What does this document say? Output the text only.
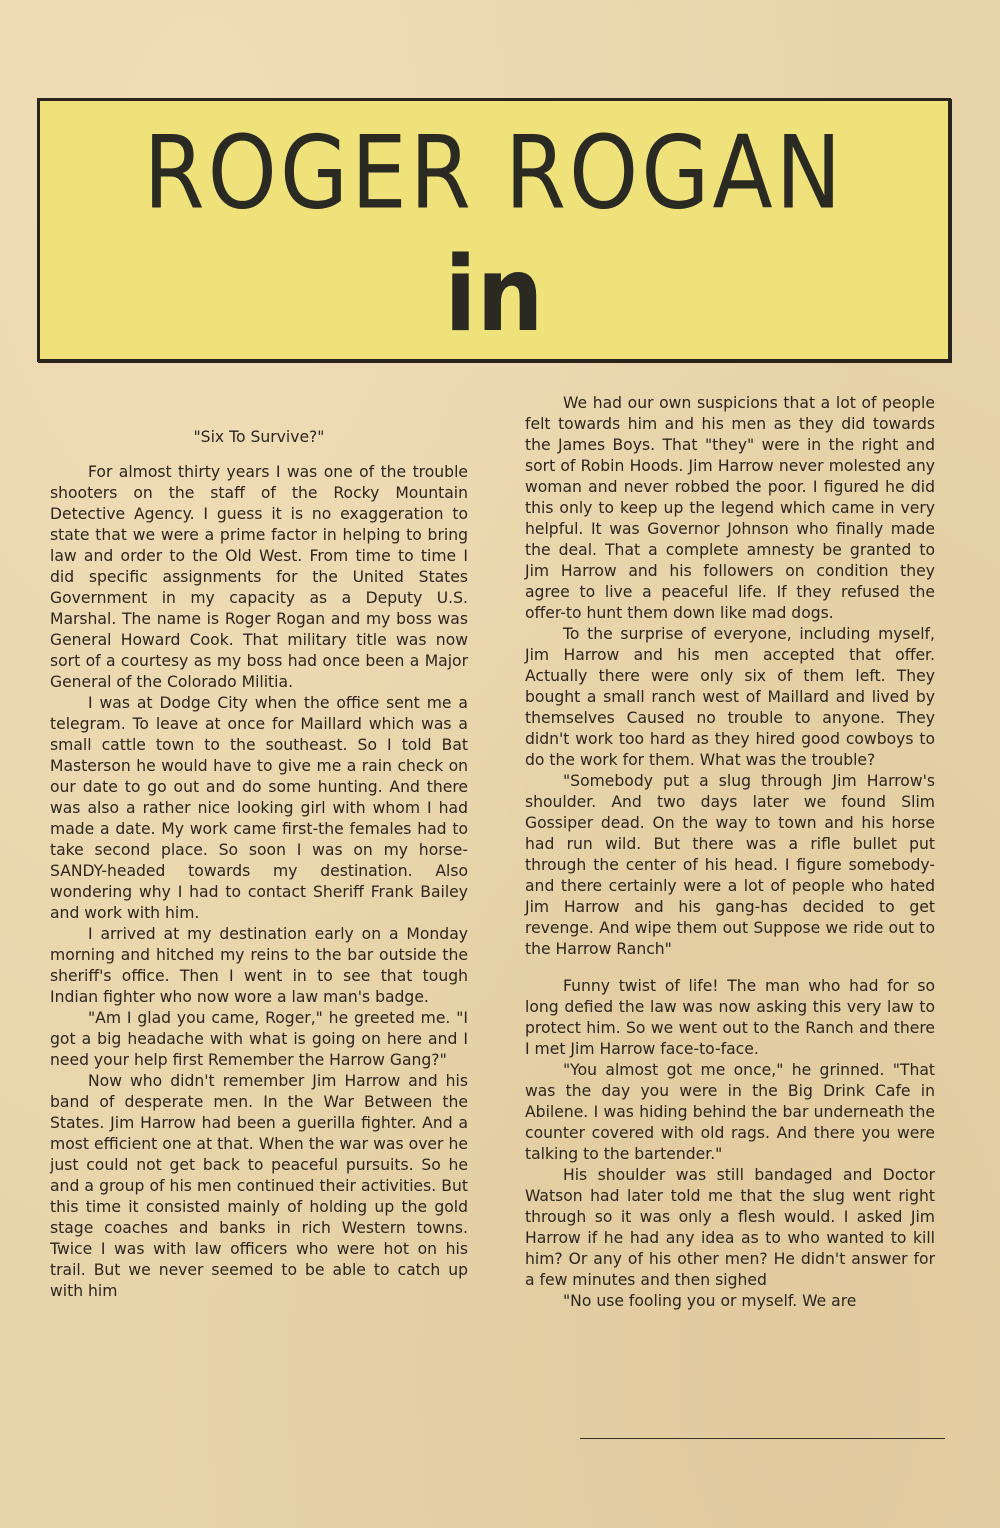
ROGER ROGAN
in
"Six To Survive?"

For almost thirty years I was one of the trouble shooters on the staff of the Rocky Mountain Detective Agency. I guess it is no exaggeration to state that we were a prime factor in helping to bring law and order to the Old West. From time to time I did specific assignments for the United States Government in my capacity as a Deputy U.S. Marshal. The name is Roger Rogan and my boss was General Howard Cook. That military title was now sort of a courtesy as my boss had once been a Major General of the Colorado Militia.

I was at Dodge City when the office sent me a telegram. To leave at once for Maillard which was a small cattle town to the southeast. So I told Bat Masterson he would have to give me a rain check on our date to go out and do some hunting. And there was also a rather nice looking girl with whom I had made a date. My work came first-the females had to take second place. So soon I was on my horse-SANDY-headed towards my destination. Also wondering why I had to contact Sheriff Frank Bailey and work with him.

I arrived at my destination early on a Monday morning and hitched my reins to the bar outside the sheriff's office. Then I went in to see that tough Indian fighter who now wore a law man's badge.

"Am I glad you came, Roger," he greeted me. "I got a big headache with what is going on here and I need your help first Remember the Harrow Gang?"

Now who didn't remember Jim Harrow and his band of desperate men. In the War Between the States. Jim Harrow had been a guerilla fighter. And a most efficient one at that. When the war was over he just could not get back to peaceful pursuits. So he and a group of his men continued their activities. But this time it consisted mainly of holding up the gold stage coaches and banks in rich Western towns. Twice I was with law officers who were hot on his trail. But we never seemed to be able to catch up with him

We had our own suspicions that a lot of people felt towards him and his men as they did towards the James Boys. That "they" were in the right and sort of Robin Hoods. Jim Harrow never molested any woman and never robbed the poor. I figured he did this only to keep up the legend which came in very helpful. It was Governor Johnson who finally made the deal. That a complete amnesty be granted to Jim Harrow and his followers on condition they agree to live a peaceful life. If they refused the offer-to hunt them down like mad dogs.

To the surprise of everyone, including myself, Jim Harrow and his men accepted that offer. Actually there were only six of them left. They bought a small ranch west of Maillard and lived by themselves Caused no trouble to anyone. They didn't work too hard as they hired good cowboys to do the work for them. What was the trouble?

"Somebody put a slug through Jim Harrow's shoulder. And two days later we found Slim Gossiper dead. On the way to town and his horse had run wild. But there was a rifle bullet put through the center of his head. I figure somebody-and there certainly were a lot of people who hated Jim Harrow and his gang-has decided to get revenge. And wipe them out Suppose we ride out to the Harrow Ranch"

Funny twist of life! The man who had for so long defied the law was now asking this very law to protect him. So we went out to the Ranch and there I met Jim Harrow face-to-face.

"You almost got me once," he grinned. "That was the day you were in the Big Drink Cafe in Abilene. I was hiding behind the bar underneath the counter covered with old rags. And there you were talking to the bartender."

His shoulder was still bandaged and Doctor Watson had later told me that the slug went right through so it was only a flesh would. I asked Jim Harrow if he had any idea as to who wanted to kill him? Or any of his other men? He didn't answer for a few minutes and then sighed

"No use fooling you or myself. We are
